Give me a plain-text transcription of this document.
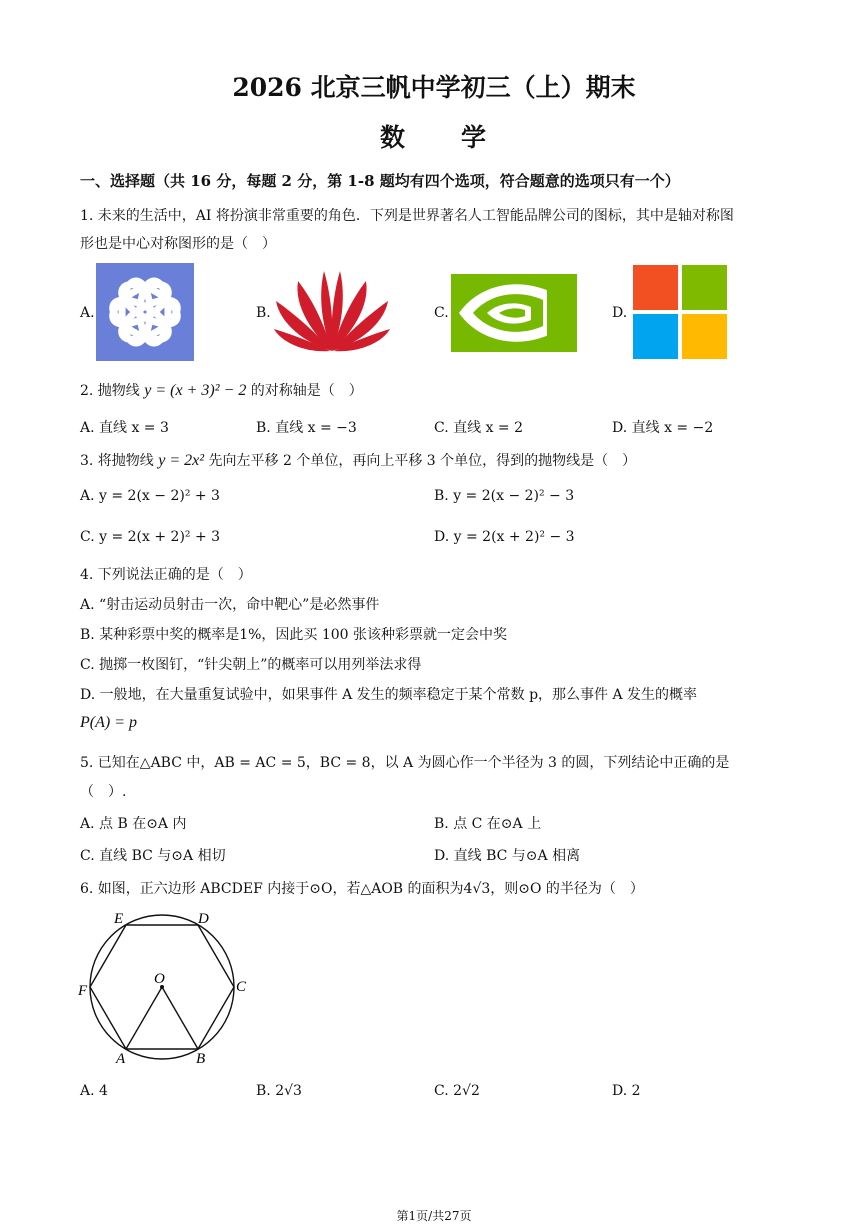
2026 北京三帆中学初三（上）期末
数　　学
一、选择题（共 16 分，每题 2 分，第 1-8 题均有四个选项，符合题意的选项只有一个）
1. 未来的生活中，AI 将扮演非常重要的角色．下列是世界著名人工智能品牌公司的图标，其中是轴对称图
形也是中心对称图形的是（　）
A.	B.	C.	D.
2. 抛物线 y = (x + 3)² − 2 的对称轴是（　）
A. 直线 x = 3	B. 直线 x = −3	C. 直线 x = 2	D. 直线 x = −2
3. 将抛物线 y = 2x² 先向左平移 2 个单位，再向上平移 3 个单位，得到的抛物线是（　）
A. y = 2(x − 2)² + 3	B. y = 2(x − 2)² − 3
C. y = 2(x + 2)² + 3	D. y = 2(x + 2)² − 3
4. 下列说法正确的是（　）
A. “射击运动员射击一次，命中靶心”是必然事件
B. 某种彩票中奖的概率是1%，因此买 100 张该种彩票就一定会中奖
C. 抛掷一枚图钉，“针尖朝上”的概率可以用列举法求得
D. 一般地，在大量重复试验中，如果事件 A 发生的频率稳定于某个常数 p，那么事件 A 发生的概率
P(A) = p
5. 已知在△ABC 中，AB = AC = 5，BC = 8，以 A 为圆心作一个半径为 3 的圆，下列结论中正确的是
（　）.
A. 点 B 在⊙A 内	B. 点 C 在⊙A 上
C. 直线 BC 与⊙A 相切	D. 直线 BC 与⊙A 相离
6. 如图，正六边形 ABCDEF 内接于⊙O，若△AOB 的面积为4√3，则⊙O 的半径为（　）
E	D
C
F
O
A	B
A. 4	B. 2√3	C. 2√2	D. 2
第1页/共27页
